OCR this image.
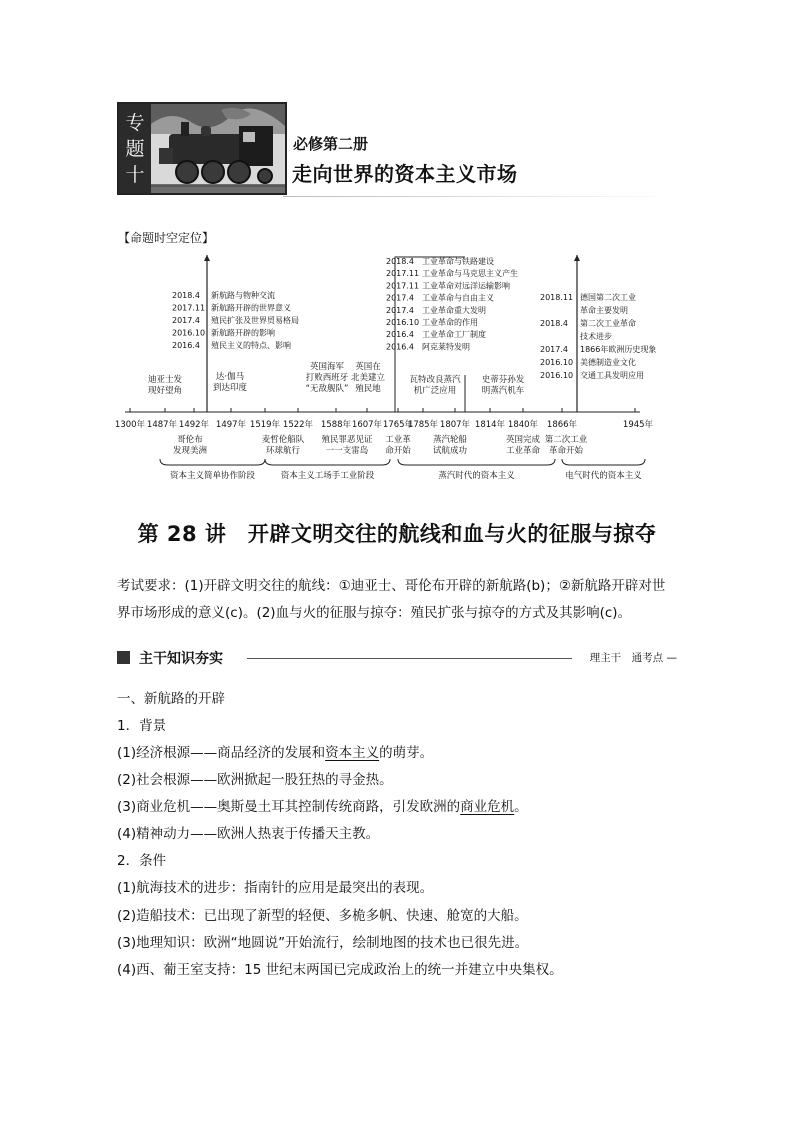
专
题
十
必修第二册
走向世界的资本主义市场
【命题时空定位】
1300年 1487年 1492年 1497年 1519年 1522年 1588年 1607年 1765年
1785年 1807年 1814年 1840年 1866年	1945年
2018.4 新航路与物种交流
2017.11 新航路开辟的世界意义
2017.4 殖民扩张及世界贸易格局
2016.10 新航路开辟的影响
2016.4 殖民主义的特点、影响
2018.4 工业革命与铁路建设
2017.11 工业革命与马克思主义产生
2017.11 工业革命对远洋运输影响
2017.4 工业革命与自由主义
2017.4 工业革命重大发明
2016.10 工业革命的作用
2016.4 工业革命工厂制度
2016.4 阿克莱特发明
2018.11 德国第二次工业
革命主要发明
2018.4 第二次工业革命
技术进步
2017.4 1866年欧洲历史现象
2016.10 美德制造业文化
2016.10 交通工具发明应用
迪亚士发
现好望角
达·伽马
到达印度
英国海军
打败西班牙
“无敌舰队”
英国在
北美建立
殖民地
瓦特改良蒸汽
机广泛应用
史蒂芬孙发
明蒸汽机车
哥伦布
发现美洲
麦哲伦船队
环球航行
殖民罪恶见证
一一支雷岛
工业革
命开始
蒸汽轮船
试航成功
英国完成
工业革命
第二次工业
革命开始
资本主义简单协作阶段	资本主义工场手工业阶段	蒸汽时代的资本主义	电气时代的资本主义
第 28 讲　开辟文明交往的航线和血与火的征服与掠夺
考试要求：(1)开辟文明交往的航线：①迪亚士、哥伦布开辟的新航路(b)；②新航路开辟对世界市场形成的意义(c)。(2)血与火的征服与掠夺：殖民扩张与掠夺的方式及其影响(c)。
主干知识夯实	理主干　通考点 —
一、新航路的开辟
1．背景
(1)经济根源——商品经济的发展和资本主义的萌芽。
(2)社会根源——欧洲掀起一股狂热的寻金热。
(3)商业危机——奥斯曼土耳其控制传统商路，引发欧洲的商业危机。
(4)精神动力——欧洲人热衷于传播天主教。
2．条件
(1)航海技术的进步：指南针的应用是最突出的表现。
(2)造船技术：已出现了新型的轻便、多桅多帆、快速、舱宽的大船。
(3)地理知识：欧洲“地圆说”开始流行，绘制地图的技术也已很先进。
(4)西、葡王室支持：15 世纪末两国已完成政治上的统一并建立中央集权。
